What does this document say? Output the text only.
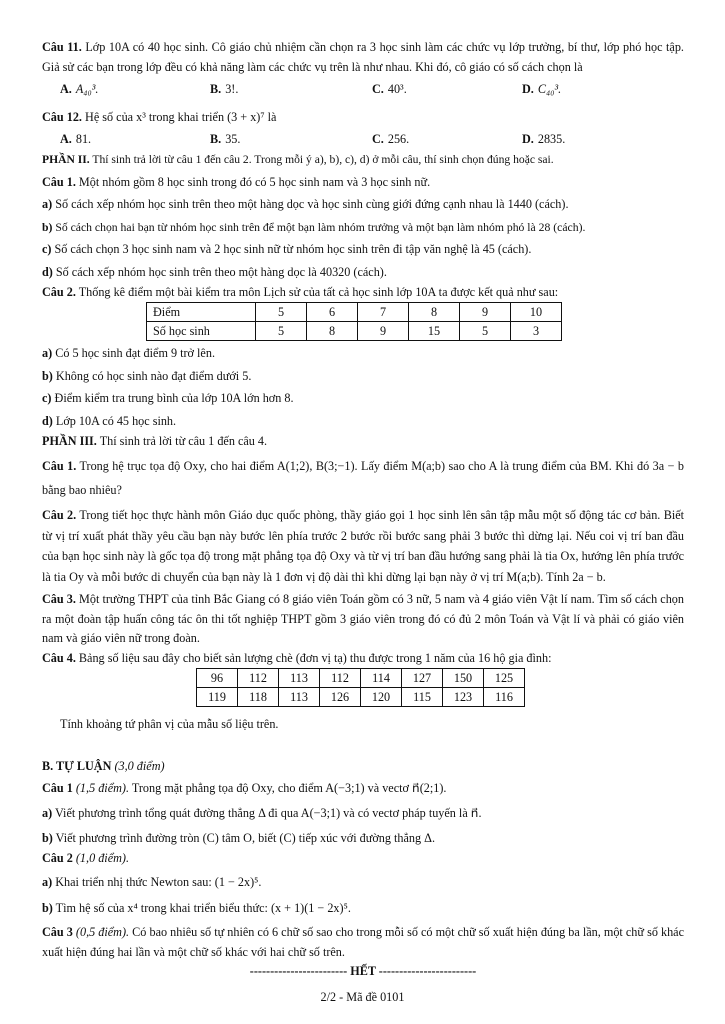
Câu 11. Lớp 10A có 40 học sinh. Cô giáo chủ nhiệm cần chọn ra 3 học sinh làm các chức vụ lớp trưởng, bí thư, lớp phó học tập. Giả sử các bạn trong lớp đều có khả năng làm các chức vụ trên là như nhau. Khi đó, cô giáo có số cách chọn là

A. A₄₀³.	B. 3!.	C. 40³.	D. C₄₀³.

Câu 12. Hệ số của x³ trong khai triển (3 + x)⁷ là

A. 81.	B. 35.	C. 256.	D. 2835.

PHẦN II. Thí sinh trả lời từ câu 1 đến câu 2. Trong mỗi ý a), b), c), d) ở mỗi câu, thí sinh chọn đúng hoặc sai.

Câu 1. Một nhóm gồm 8 học sinh trong đó có 5 học sinh nam và 3 học sinh nữ.

a) Số cách xếp nhóm học sinh trên theo một hàng dọc và học sinh cùng giới đứng cạnh nhau là 1440 (cách).

b) Số cách chọn hai bạn từ nhóm học sinh trên để một bạn làm nhóm trưởng và một bạn làm nhóm phó là 28 (cách).

c) Số cách chọn 3 học sinh nam và 2 học sinh nữ từ nhóm học sinh trên đi tập văn nghệ là 45 (cách).

d) Số cách xếp nhóm học sinh trên theo một hàng dọc là 40320 (cách).

Câu 2. Thống kê điểm một bài kiểm tra môn Lịch sử của tất cả học sinh lớp 10A ta được kết quả như sau:

Điểm	5	6	7	8	9	10
Số học sinh	5	8	9	15	5	3

a) Có 5 học sinh đạt điểm 9 trở lên.

b) Không có học sinh nào đạt điểm dưới 5.

c) Điểm kiểm tra trung bình của lớp 10A lớn hơn 8.

d) Lớp 10A có 45 học sinh.

PHẦN III. Thí sinh trả lời từ câu 1 đến câu 4.

Câu 1. Trong hệ trục tọa độ Oxy, cho hai điểm A(1;2), B(3;−1). Lấy điểm M(a;b) sao cho A là trung điểm của BM. Khi đó 3a − b bằng bao nhiêu?

Câu 2. Trong tiết học thực hành môn Giáo dục quốc phòng, thầy giáo gọi 1 học sinh lên sân tập mẫu một số động tác cơ bản. Biết từ vị trí xuất phát thầy yêu cầu bạn này bước lên phía trước 2 bước rồi bước sang phải 3 bước thì dừng lại. Nếu coi vị trí ban đầu của bạn học sinh này là gốc tọa độ trong mặt phẳng tọa độ Oxy và từ vị trí ban đầu hướng sang phải là tia Ox, hướng lên phía trước là tia Oy và mỗi bước di chuyển của bạn này là 1 đơn vị độ dài thì khi dừng lại bạn này ở vị trí M(a;b). Tính 2a − b.

Câu 3. Một trường THPT của tỉnh Bắc Giang có 8 giáo viên Toán gồm có 3 nữ, 5 nam và 4 giáo viên Vật lí nam. Tìm số cách chọn ra một đoàn tập huấn công tác ôn thi tốt nghiệp THPT gồm 3 giáo viên trong đó có đủ 2 môn Toán và Vật lí và phải có giáo viên nam và giáo viên nữ trong đoàn.

Câu 4. Bảng số liệu sau đây cho biết sản lượng chè (đơn vị tạ) thu được trong 1 năm của 16 hộ gia đình:

96	112	113	112	114	127	150	125
119	118	113	126	120	115	123	116

Tính khoảng tứ phân vị của mẫu số liệu trên.

B. TỰ LUẬN (3,0 điểm)

Câu 1 (1,5 điểm). Trong mặt phẳng tọa độ Oxy, cho điểm A(−3;1) và vectơ n⃗(2;1).

a) Viết phương trình tổng quát đường thẳng Δ đi qua A(−3;1) và có vectơ pháp tuyến là n⃗.

b) Viết phương trình đường tròn (C) tâm O, biết (C) tiếp xúc với đường thẳng Δ.

Câu 2 (1,0 điểm).

a) Khai triển nhị thức Newton sau: (1 − 2x)⁵.

b) Tìm hệ số của x⁴ trong khai triển biểu thức: (x + 1)(1 − 2x)⁵.

Câu 3 (0,5 điểm). Có bao nhiêu số tự nhiên có 6 chữ số sao cho trong mỗi số có một chữ số xuất hiện đúng ba lần, một chữ số khác xuất hiện đúng hai lần và một chữ số khác với hai chữ số trên.

------------------------ HẾT ------------------------

2/2 - Mã đề 0101
